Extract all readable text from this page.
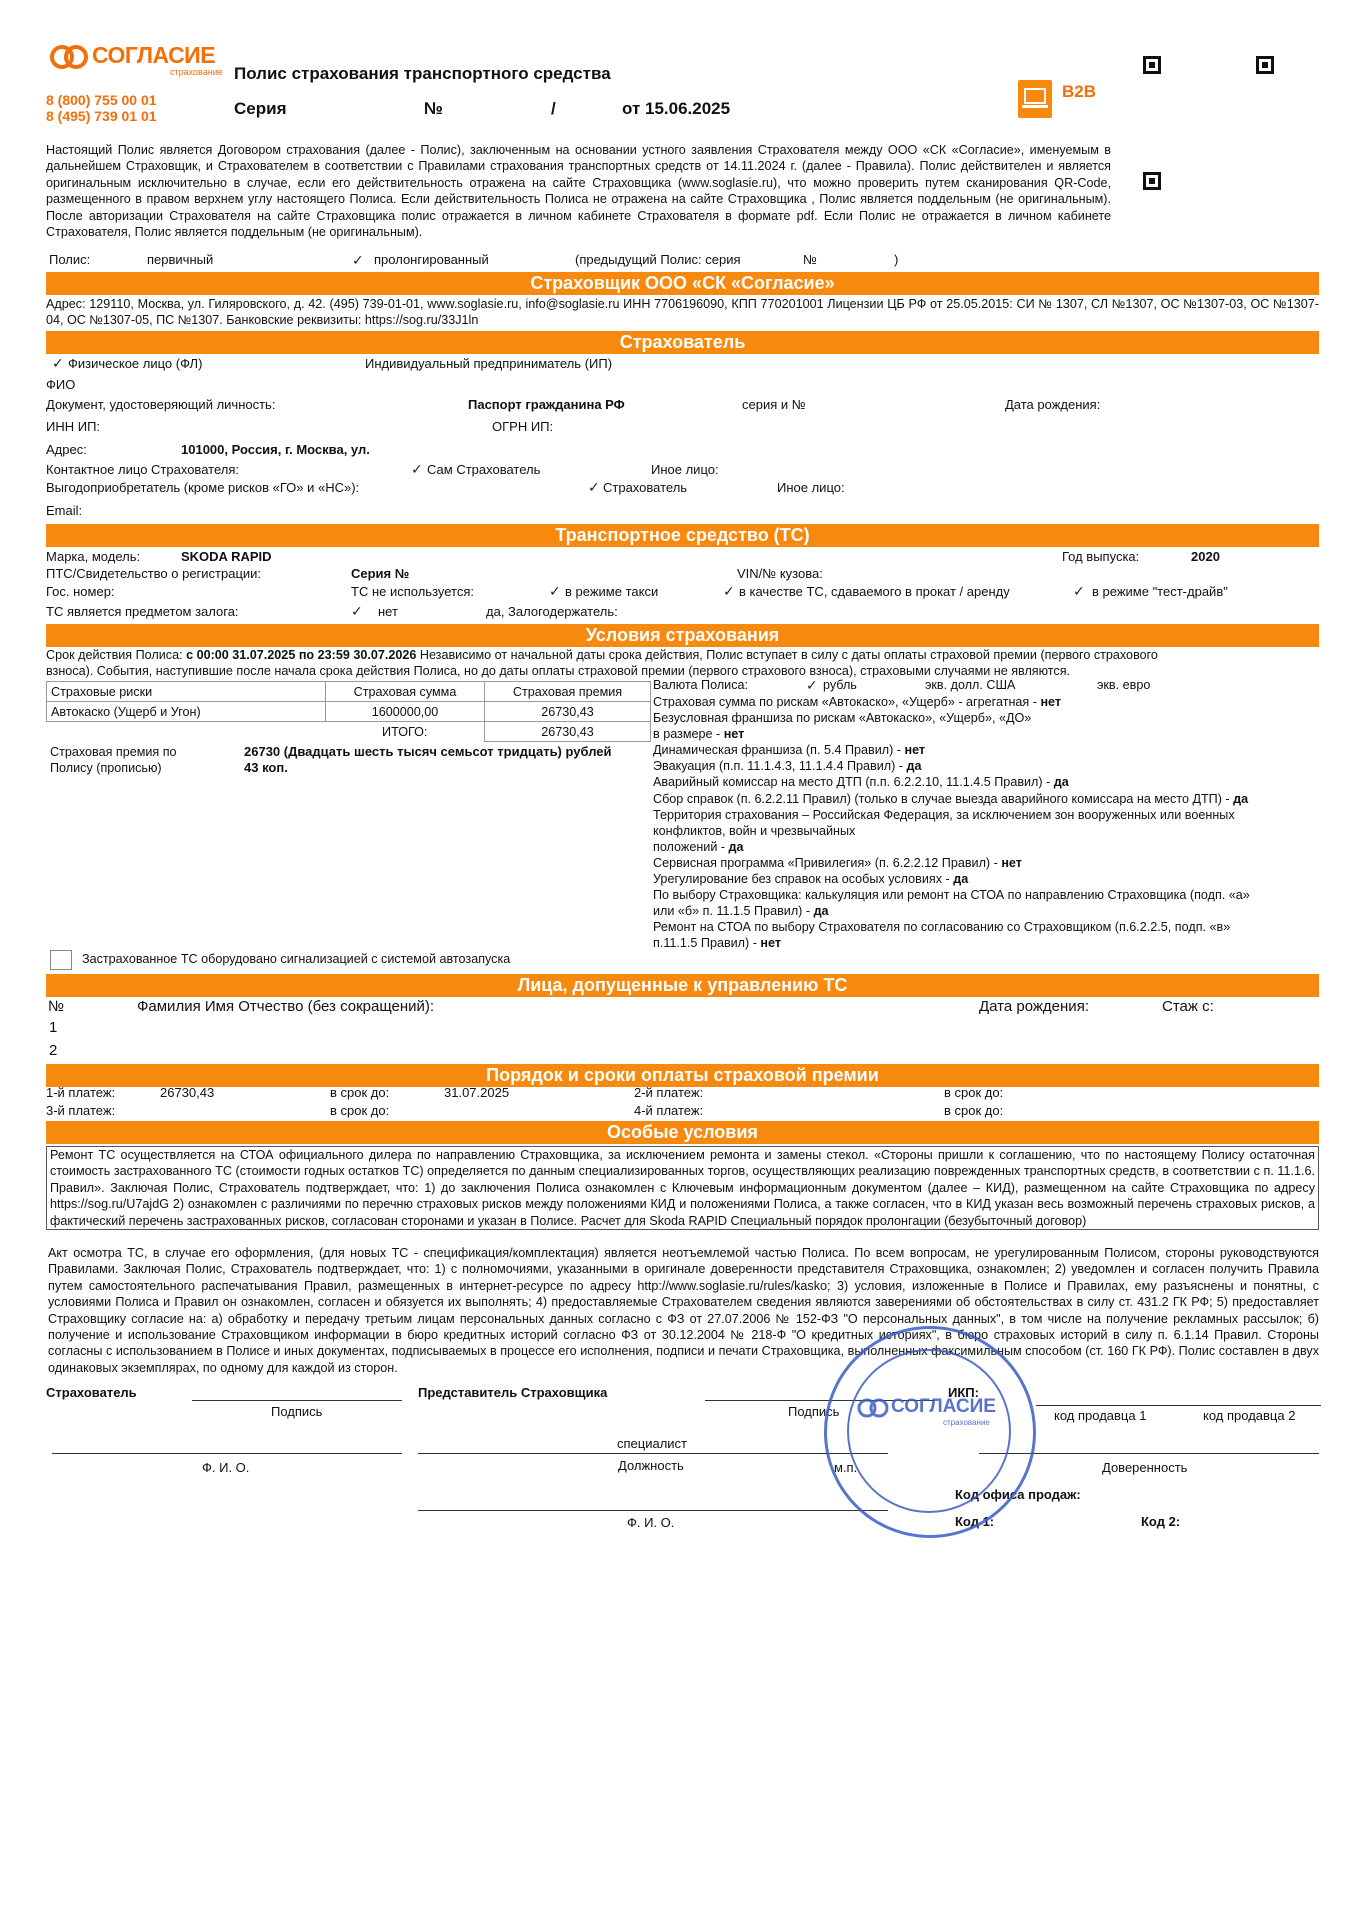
СОГЛАСИЕ
страхование
8 (800) 755 00 01
8 (495) 739 01 01
Полис страхования транспортного средства
Серия	№	/	от 15.06.2025
B2B
Настоящий Полис является Договором страхования (далее - Полис), заключенным на основании устного заявления Страхователя между ООО «СК «Согласие», именуемым в дальнейшем Страховщик, и Страхователем в соответствии с Правилами страхования транспортных средств от 14.11.2024 г. (далее - Правила). Полис действителен и является оригинальным исключительно в случае, если его действительность отражена на сайте Страховщика (www.soglasie.ru), что можно проверить путем сканирования QR-Code, размещенного в правом верхнем углу настоящего Полиса. Если действительность Полиса не отражена на сайте Страховщика , Полис является поддельным (не оригинальным). После авторизации Страхователя на сайте Страховщика полис отражается в личном кабинете Страхователя в формате pdf. Если Полис не отражается в личном кабинете Страхователя, Полис является поддельным (не оригинальным).
Полис:	первичный	✓ пролонгированный	(предыдущий Полис: серия	№	)
Страховщик ООО «СК «Согласие»
Адрес: 129110, Москва, ул. Гиляровского, д. 42. (495) 739-01-01, www.soglasie.ru, info@soglasie.ru ИНН 7706196090, КПП 770201001 Лицензии ЦБ РФ от 25.05.2015: СИ № 1307, СЛ №1307, ОС №1307-03, ОС №1307-04, ОС №1307-05, ПС №1307. Банковские реквизиты: https://sog.ru/33J1ln
Страхователь
✓ Физическое лицо (ФЛ)	Индивидуальный предприниматель (ИП)
ФИО
Документ, удостоверяющий личность:	Паспорт гражданина РФ	серия и №	Дата рождения:
ИНН ИП:	ОГРН ИП:
Адрес:	101000, Россия, г. Москва, ул.
Контактное лицо Страхователя:	✓ Сам Страхователь	Иное лицо:
Выгодоприобретатель (кроме рисков «ГО» и «НС»):	✓ Страхователь	Иное лицо:
Email:
Транспортное средство (ТС)
Марка, модель:	SKODA RAPID	Год выпуска:	2020
ПТС/Свидетельство о регистрации:	Серия №	VIN/№ кузова:
Гос. номер:	ТС не используется:	✓ в режиме такси	✓ в качестве ТС, сдаваемого в прокат / аренду	✓ в режиме "тест-драйв"
ТС является предметом залога:	✓ нет	да, Залогодержатель:
Условия страхования
Срок действия Полиса: с 00:00 31.07.2025 по 23:59 30.07.2026 Независимо от начальной даты срока действия, Полис вступает в силу с даты оплаты страховой премии (первого страхового
взноса). События, наступившие после начала срока действия Полиса, но до даты оплаты страховой премии (первого страхового взноса), страховыми случаями не являются.
Страховые риски	Страховая сумма	Страховая премия
Автокаско (Ущерб и Угон)	1600000,00	26730,43
	ИТОГО:	26730,43
Страховая премия по Полису (прописью)
26730 (Двадцать шесть тысяч семьсот тридцать) рублей 43 коп.
Валюта Полиса:	✓ рубль	экв. долл. США	экв. евро
Страховая сумма по рискам «Автокаско», «Ущерб» - агрегатная - нет
Безусловная франшиза по рискам «Автокаско», «Ущерб», «ДО»
в размере - нет
Динамическая франшиза (п. 5.4 Правил) - нет
Эвакуация (п.п. 11.1.4.3, 11.1.4.4 Правил) - да
Аварийный комиссар на место ДТП (п.п. 6.2.2.10, 11.1.4.5 Правил) - да
Сбор справок (п. 6.2.2.11 Правил) (только в случае выезда аварийного комиссара на место ДТП) - да
Территория страхования – Российская Федерация, за исключением зон вооруженных или военных
конфликтов, войн и чрезвычайных
положений - да
Сервисная программа «Привилегия» (п. 6.2.2.12 Правил) - нет
Урегулирование без справок на особых условиях - да
По выбору Страховщика: калькуляция или ремонт на СТОА по направлению Страховщика (подп. «а»
или «б» п. 11.1.5 Правил) - да
Ремонт на СТОА по выбору Страхователя по согласованию со Страховщиком (п.6.2.2.5, подп. «в»
п.11.1.5 Правил) - нет
Застрахованное ТС оборудовано сигнализацией с системой автозапуска
Лица, допущенные к управлению ТС
№	Фамилия Имя Отчество (без сокращений):	Дата рождения:	Стаж с:
1
2
Порядок и сроки оплаты страховой премии
1-й платеж:	26730,43	в срок до:	31.07.2025	2-й платеж:	в срок до:
3-й платеж:	в срок до:	4-й платеж:	в срок до:
Особые условия
Ремонт ТС осуществляется на СТОА официального дилера по направлению Страховщика, за исключением ремонта и замены стекол. «Стороны пришли к соглашению, что по настоящему Полису остаточная стоимость застрахованного ТС (стоимости годных остатков ТС) определяется по данным специализированных торгов, осуществляющих реализацию поврежденных транспортных средств, в соответствии с п. 11.1.6. Правил». Заключая Полис, Страхователь подтверждает, что: 1) до заключения Полиса ознакомлен с Ключевым информационным документом (далее – КИД), размещенном на сайте Страховщика по адресу https://sog.ru/U7ajdG 2) ознакомлен с различиями по перечню страховых рисков между положениями КИД и положениями Полиса, а также согласен, что в КИД указан весь возможный перечень страховых рисков, а фактический перечень застрахованных рисков, согласован сторонами и указан в Полисе. Расчет для Skoda RAPID Специальный порядок пролонгации (безубыточный договор)
Акт осмотра ТС, в случае его оформления, (для новых ТС - спецификация/комплектация) является неотъемлемой частью Полиса. По всем вопросам, не урегулированным Полисом, стороны руководствуются Правилами. Заключая Полис, Страхователь подтверждает, что: 1) с полномочиями, указанными в оригинале доверенности представителя Страховщика, ознакомлен; 2) уведомлен и согласен получить Правила путем самостоятельного распечатывания Правил, размещенных в интернет-ресурсе по адресу http://www.soglasie.ru/rules/kasko; 3) условия, изложенные в Полисе и Правилах, ему разъяснены и понятны, с условиями Полиса и Правил он ознакомлен, согласен и обязуется их выполнять; 4) предоставляемые Страхователем сведения являются заверениями об обстоятельствах в силу ст. 431.2 ГК РФ; 5) предоставляет Страховщику согласие на: а) обработку и передачу третьим лицам персональных данных согласно с ФЗ от 27.07.2006 № 152-ФЗ "О персональных данных", в том числе на получение рекламных рассылок; б) получение и использование Страховщиком информации в бюро кредитных историй согласно ФЗ от 30.12.2004 № 218-Ф "О кредитных историях", в бюро страховых историй в силу п. 6.1.14 Правил. Стороны согласны с использованием в Полисе и иных документах, подписываемых в процессе его исполнения, подписи и печати Страховщика, выполненных факсимильным способом (ст. 160 ГК РФ). Полис составлен в двух одинаковых экземплярах, по одному для каждой из сторон.
Страхователь
Подпись
Представитель Страховщика
Подпись
ИКП:
код продавца 1	код продавца 2
специалист
Ф. И. О.	Должность	м.п.	Доверенность
Код офиса продаж:
Ф. И. О.	Код 1:	Код 2:
СОГЛАСИЕ
страхование
